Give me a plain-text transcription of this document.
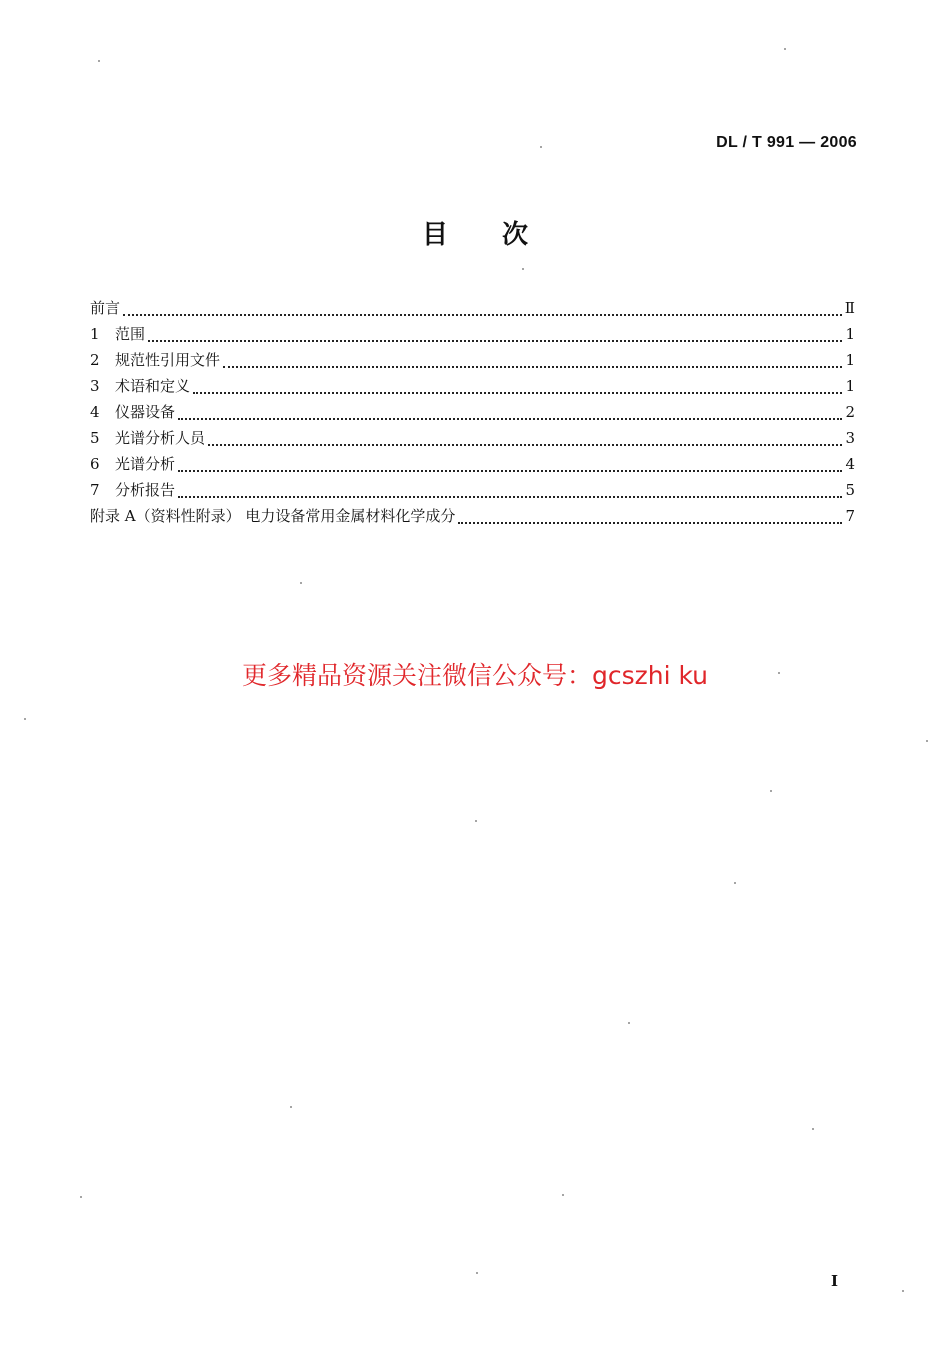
DL / T 991 — 2006
目 次
前言	Ⅱ
1	范围	1
2	规范性引用文件	1
3	术语和定义	1
4	仪器设备	2
5	光谱分析人员	3
6	光谱分析	4
7	分析报告	5
附录 A（资料性附录） 电力设备常用金属材料化学成分	7
更多精品资源关注微信公众号：gcszhi ku
I
